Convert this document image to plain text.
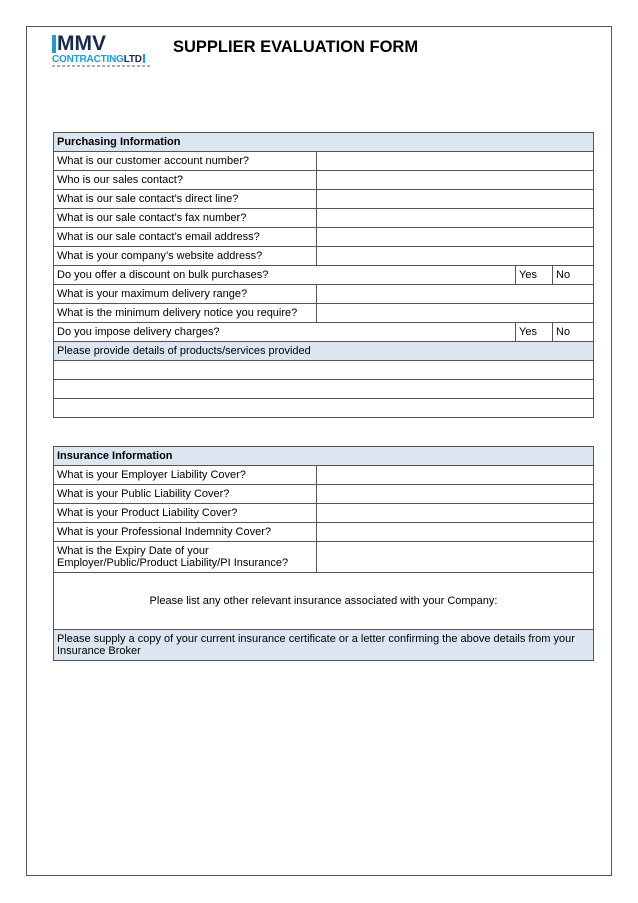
MMV
CONTRACTINGLTD
SUPPLIER EVALUATION FORM
Purchasing Information			
What is our customer account number?			
Who is our sales contact?			
What is our sale contact’s direct line?			
What is our sale contact’s fax number?			
What is our sale contact’s email address?			
What is your company’s website address?			
Do you offer a discount on bulk purchases?		Yes	No
What is your maximum delivery range?			
What is the minimum delivery notice you require?			
Do you impose delivery charges?		Yes	No
Please provide details of products/services provided			

Insurance Information	
What is your Employer Liability Cover?	
What is your Public Liability Cover?	
What is your Product Liability Cover?	
What is your Professional Indemnity Cover?	
What is the Expiry Date of your
Employer/Public/Product Liability/PI Insurance?	
Please list any other relevant insurance associated with your Company:	
Please supply a copy of your current insurance certificate or a letter confirming the above details from your Insurance Broker	
